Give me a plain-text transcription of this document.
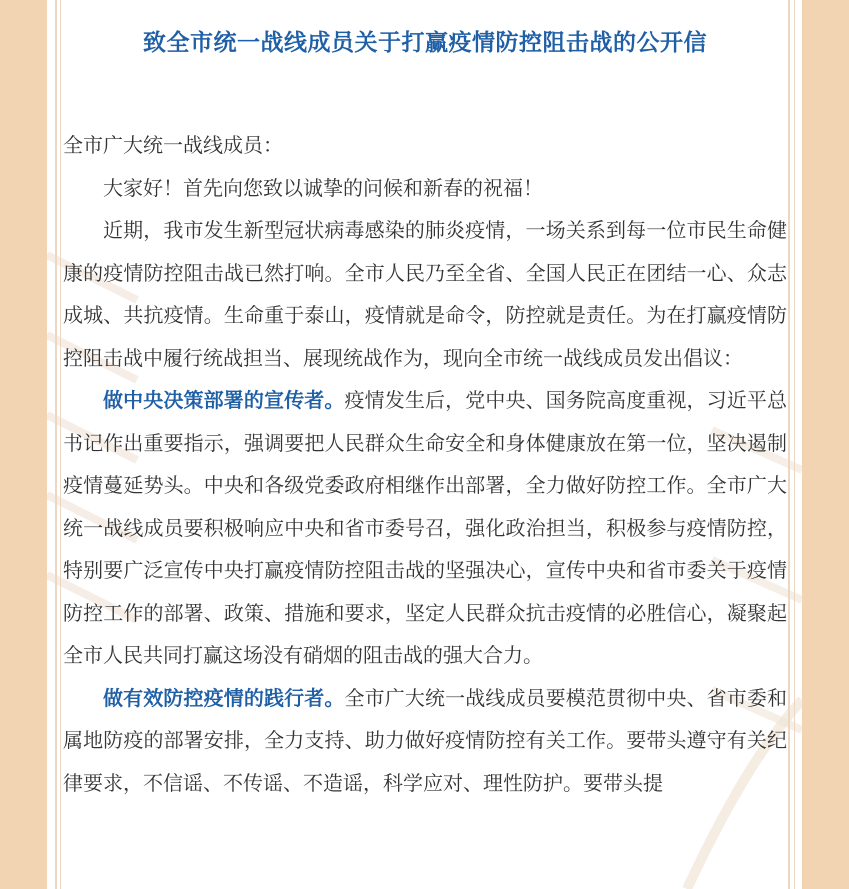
致全市统一战线成员关于打赢疫情防控阻击战的公开信

全市广大统一战线成员：

大家好！首先向您致以诚挚的问候和新春的祝福！

近期，我市发生新型冠状病毒感染的肺炎疫情，一场关系到每一位市民生命健康的疫情防控阻击战已然打响。全市人民乃至全省、全国人民正在团结一心、众志成城、共抗疫情。生命重于泰山，疫情就是命令，防控就是责任。为在打赢疫情防控阻击战中履行统战担当、展现统战作为，现向全市统一战线成员发出倡议：

做中央决策部署的宣传者。疫情发生后，党中央、国务院高度重视，习近平总书记作出重要指示，强调要把人民群众生命安全和身体健康放在第一位，坚决遏制疫情蔓延势头。中央和各级党委政府相继作出部署，全力做好防控工作。全市广大统一战线成员要积极响应中央和省市委号召，强化政治担当，积极参与疫情防控，特别要广泛宣传中央打赢疫情防控阻击战的坚强决心，宣传中央和省市委关于疫情防控工作的部署、政策、措施和要求，坚定人民群众抗击疫情的必胜信心，凝聚起全市人民共同打赢这场没有硝烟的阻击战的强大合力。

做有效防控疫情的践行者。全市广大统一战线成员要模范贯彻中央、省市委和属地防疫的部署安排，全力支持、助力做好疫情防控有关工作。要带头遵守有关纪律要求，不信谣、不传谣、不造谣，科学应对、理性防护。要带头提
